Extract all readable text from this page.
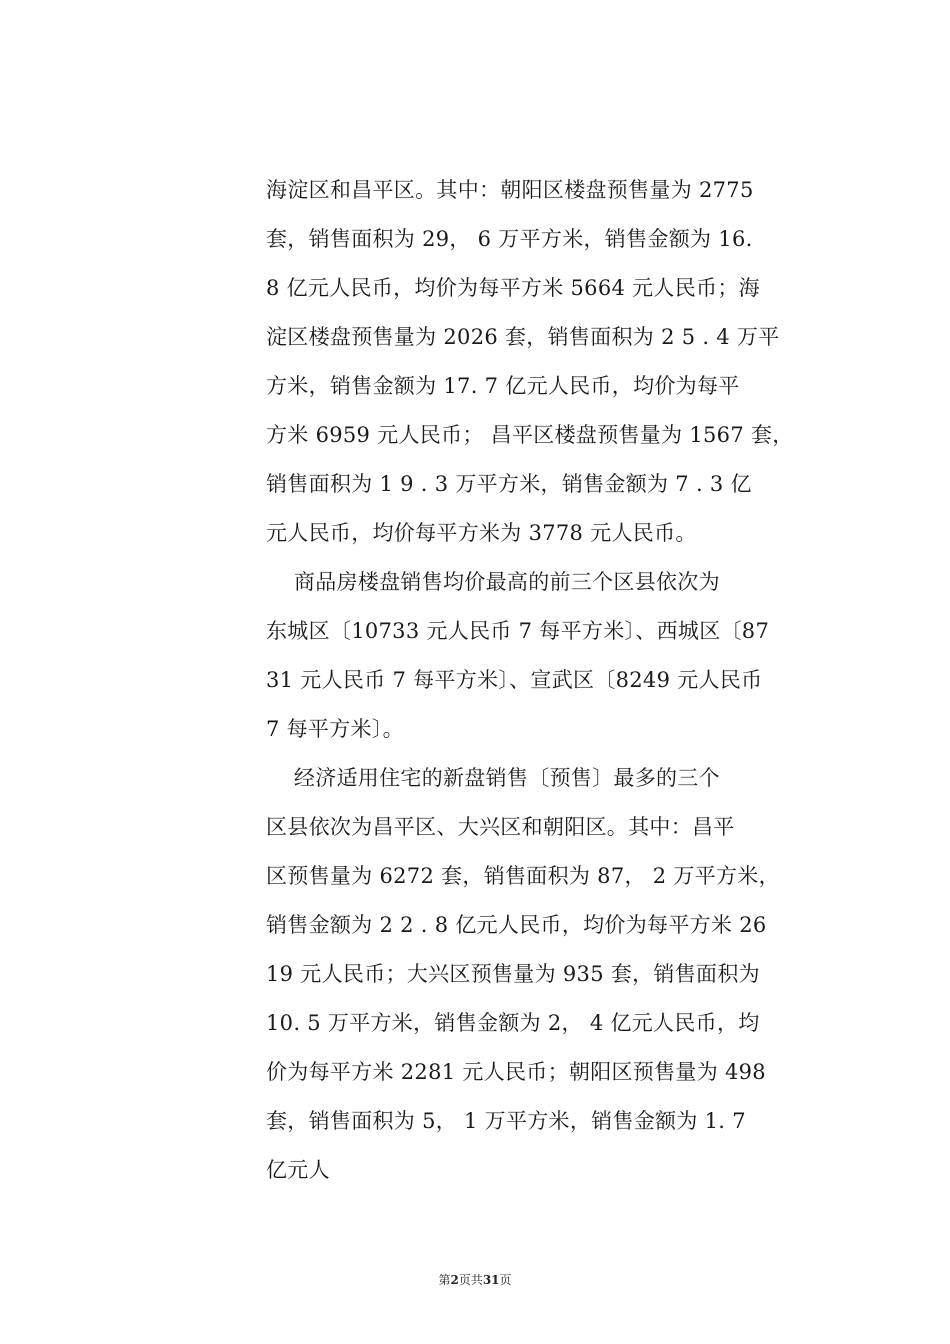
海淀区和昌平区。其中：朝阳区楼盘预售量为 2775
套，销售面积为 29， 6 万平方米，销售金额为 16.
8 亿元人民币，均价为每平方米 5664 元人民币；海
淀区楼盘预售量为 2026 套，销售面积为 2 5 . 4 万平
方米，销售金额为 17. 7 亿元人民币，均价为每平
方米 6959 元人民币； 昌平区楼盘预售量为 1567 套，
销售面积为 1 9 . 3 万平方米，销售金额为 7 . 3 亿
元人民币，均价每平方米为 3778 元人民币。
商品房楼盘销售均价最高的前三个区县依次为
东城区〔10733 元人民币 7 每平方米〕、西城区〔87
31 元人民币 7 每平方米〕、宣武区〔8249 元人民币
7 每平方米〕。
经济适用住宅的新盘销售〔预售〕最多的三个
区县依次为昌平区、大兴区和朝阳区。其中：昌平
区预售量为 6272 套，销售面积为 87， 2 万平方米，
销售金额为 2 2 . 8 亿元人民币，均价为每平方米 26
19 元人民币；大兴区预售量为 935 套，销售面积为
10. 5 万平方米，销售金额为 2， 4 亿元人民币，均
价为每平方米 2281 元人民币；朝阳区预售量为 498
套，销售面积为 5， 1 万平方米，销售金额为 1. 7
亿元人
第2页共31页
